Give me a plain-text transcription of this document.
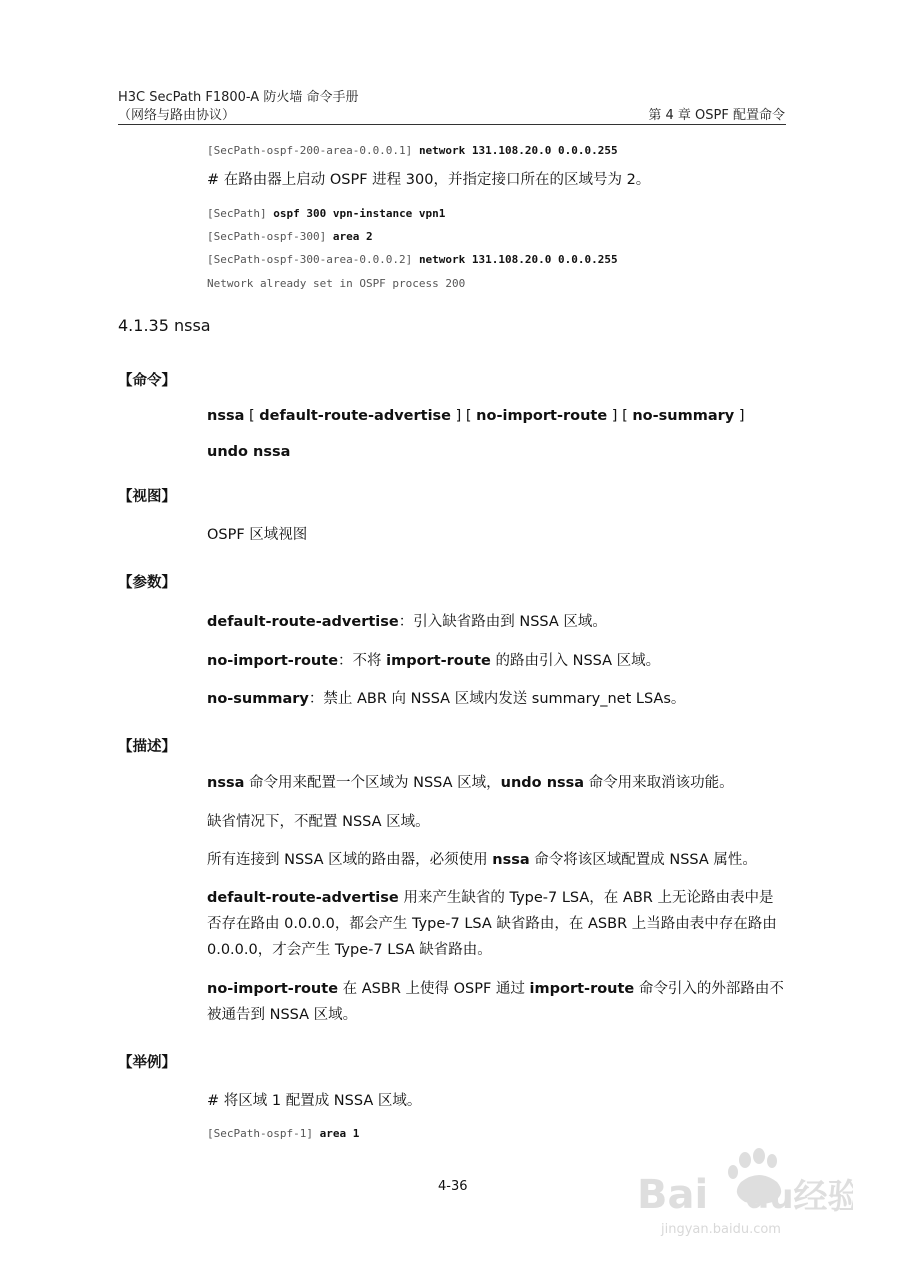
H3C SecPath F1800-A 防火墙 命令手册
（网络与路由协议）	第 4 章 OSPF 配置命令
[SecPath-ospf-200-area-0.0.0.1] network 131.108.20.0 0.0.0.255
# 在路由器上启动 OSPF 进程 300，并指定接口所在的区域号为 2。
[SecPath] ospf 300 vpn-instance vpn1
[SecPath-ospf-300] area 2
[SecPath-ospf-300-area-0.0.0.2] network 131.108.20.0 0.0.0.255
Network already set in OSPF process 200
4.1.35 nssa
【命令】
nssa [ default-route-advertise ] [ no-import-route ] [ no-summary ]
undo nssa
【视图】
OSPF 区域视图
【参数】
default-route-advertise：引入缺省路由到 NSSA 区域。
no-import-route：不将 import-route 的路由引入 NSSA 区域。
no-summary：禁止 ABR 向 NSSA 区域内发送 summary_net LSAs。
【描述】
nssa 命令用来配置一个区域为 NSSA 区域，undo nssa 命令用来取消该功能。
缺省情况下，不配置 NSSA 区域。
所有连接到 NSSA 区域的路由器，必须使用 nssa 命令将该区域配置成 NSSA 属性。
default-route-advertise 用来产生缺省的 Type-7 LSA，在 ABR 上无论路由表中是否存在路由 0.0.0.0，都会产生 Type-7 LSA 缺省路由，在 ASBR 上当路由表中存在路由 0.0.0.0，才会产生 Type-7 LSA 缺省路由。
no-import-route 在 ASBR 上使得 OSPF 通过 import-route 命令引入的外部路由不被通告到 NSSA 区域。
【举例】
# 将区域 1 配置成 NSSA 区域。
[SecPath-ospf-1] area 1
4-36	Bai du经验
jingyan.baidu.com
